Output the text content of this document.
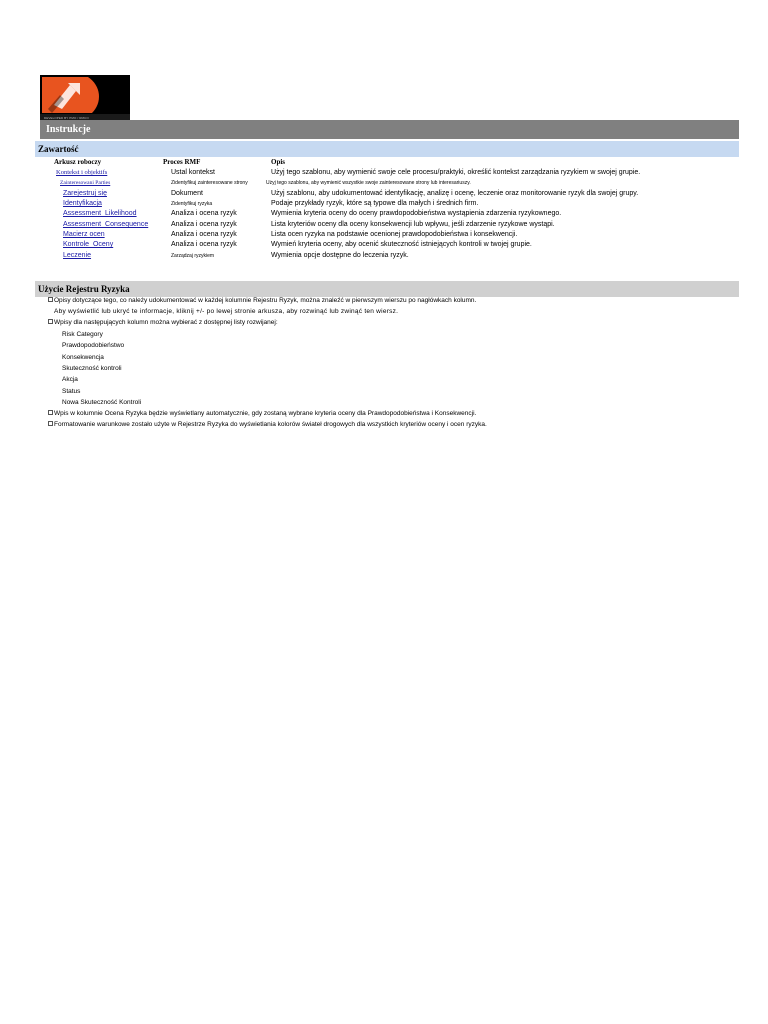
DEVELOPED BY PMO / RMCO
Instrukcje
Zawartość
Arkusz roboczy	Proces RMF	Opis
Kontekst i objektifs	Ustal kontekst	Użyj tego szablonu, aby wymienić swoje cele procesu/praktyki, określić kontekst zarządzania ryzykiem w swojej grupie.
Zainteresowani Parties	Zidentyfikuj zainteresowane strony	Użyj tego szablonu, aby wymienić wszystkie swoje zainteresowane strony lub interesariuszy.
Zarejestruj się	Dokument	Użyj szablonu, aby udokumentować identyfikację, analizę i ocenę, leczenie oraz monitorowanie ryzyk dla swojej grupy.
Identyfikacja	Zidentyfikuj ryzyka	Podaje przykłady ryzyk, które są typowe dla małych i średnich firm.
Assessment_Likelihood	Analiza i ocena ryzyk	Wymienia kryteria oceny do oceny prawdopodobieństwa wystąpienia zdarzenia ryzykownego.
Assessment_Consequence	Analiza i ocena ryzyk	Lista kryteriów oceny dla oceny konsekwencji lub wpływu, jeśli zdarzenie ryzykowe wystąpi.
Macierz ocen	Analiza i ocena ryzyk	Lista ocen ryzyka na podstawie ocenionej prawdopodobieństwa i konsekwencji.
Kontrole_Oceny	Analiza i ocena ryzyk	Wymień kryteria oceny, aby ocenić skuteczność istniejących kontroli w twojej grupie.
Leczenie	Zarządzaj ryzykiem	Wymienia opcje dostępne do leczenia ryzyk.
Użycie Rejestru Ryzyka
Opisy dotyczące tego, co należy udokumentować w każdej kolumnie Rejestru Ryzyk, można znaleźć w pierwszym wierszu po nagłówkach kolumn.
Aby wyświetlić lub ukryć te informacje, kliknij +/- po lewej stronie arkusza, aby rozwinąć lub zwinąć ten wiersz.
Wpisy dla następujących kolumn można wybierać z dostępnej listy rozwijanej:
Risk Category
Prawdopodobieństwo
Konsekwencja
Skuteczność kontroli
Akcja
Status
Nowa Skuteczność Kontroli
Wpis w kolumnie Ocena Ryzyka będzie wyświetlany automatycznie, gdy zostaną wybrane kryteria oceny dla Prawdopodobieństwa i Konsekwencji.
Formatowanie warunkowe zostało użyte w Rejestrze Ryzyka do wyświetlania kolorów świateł drogowych dla wszystkich kryteriów oceny i ocen ryzyka.
